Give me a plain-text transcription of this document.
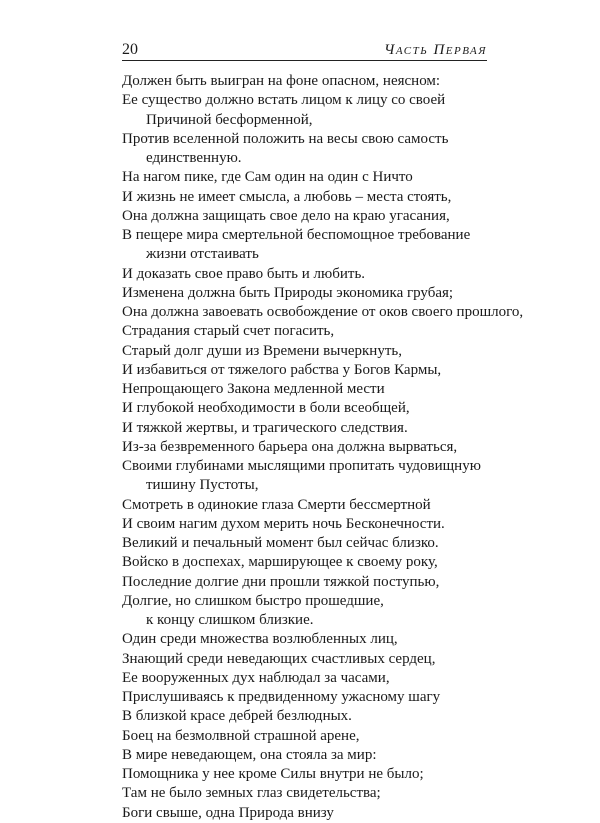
20	Часть Первая
Должен быть выигран на фоне опасном, неясном:
Ее существо должно встать лицом к лицу со своей
Причиной бесформенной,
Против вселенной положить на весы свою самость
единственную.
На нагом пике, где Сам один на один с Ничто
И жизнь не имеет смысла, а любовь – места стоять,
Она должна защищать свое дело на краю угасания,
В пещере мира смертельной беспомощное требование
жизни отстаивать
И доказать свое право быть и любить.
Изменена должна быть Природы экономика грубая;
Она должна завоевать освобождение от оков своего прошлого,
Страдания старый счет погасить,
Старый долг души из Времени вычеркнуть,
И избавиться от тяжелого рабства у Богов Кармы,
Непрощающего Закона медленной мести
И глубокой необходимости в боли всеобщей,
И тяжкой жертвы, и трагического следствия.
Из-за безвременного барьера она должна вырваться,
Своими глубинами мыслящими пропитать чудовищную
тишину Пустоты,
Смотреть в одинокие глаза Смерти бессмертной
И своим нагим духом мерить ночь Бесконечности.
Великий и печальный момент был сейчас близко.
Войско в доспехах, марширующее к своему року,
Последние долгие дни прошли тяжкой поступью,
Долгие, но слишком быстро прошедшие,
к концу слишком близкие.
Один среди множества возлюбленных лиц,
Знающий среди неведающих счастливых сердец,
Ее вооруженных дух наблюдал за часами,
Прислушиваясь к предвиденному ужасному шагу
В близкой красе дебрей безлюдных.
Боец на безмолвной страшной арене,
В мире неведающем, она стояла за мир:
Помощника у нее кроме Силы внутри не было;
Там не было земных глаз свидетельства;
Боги свыше, одна Природа внизу
